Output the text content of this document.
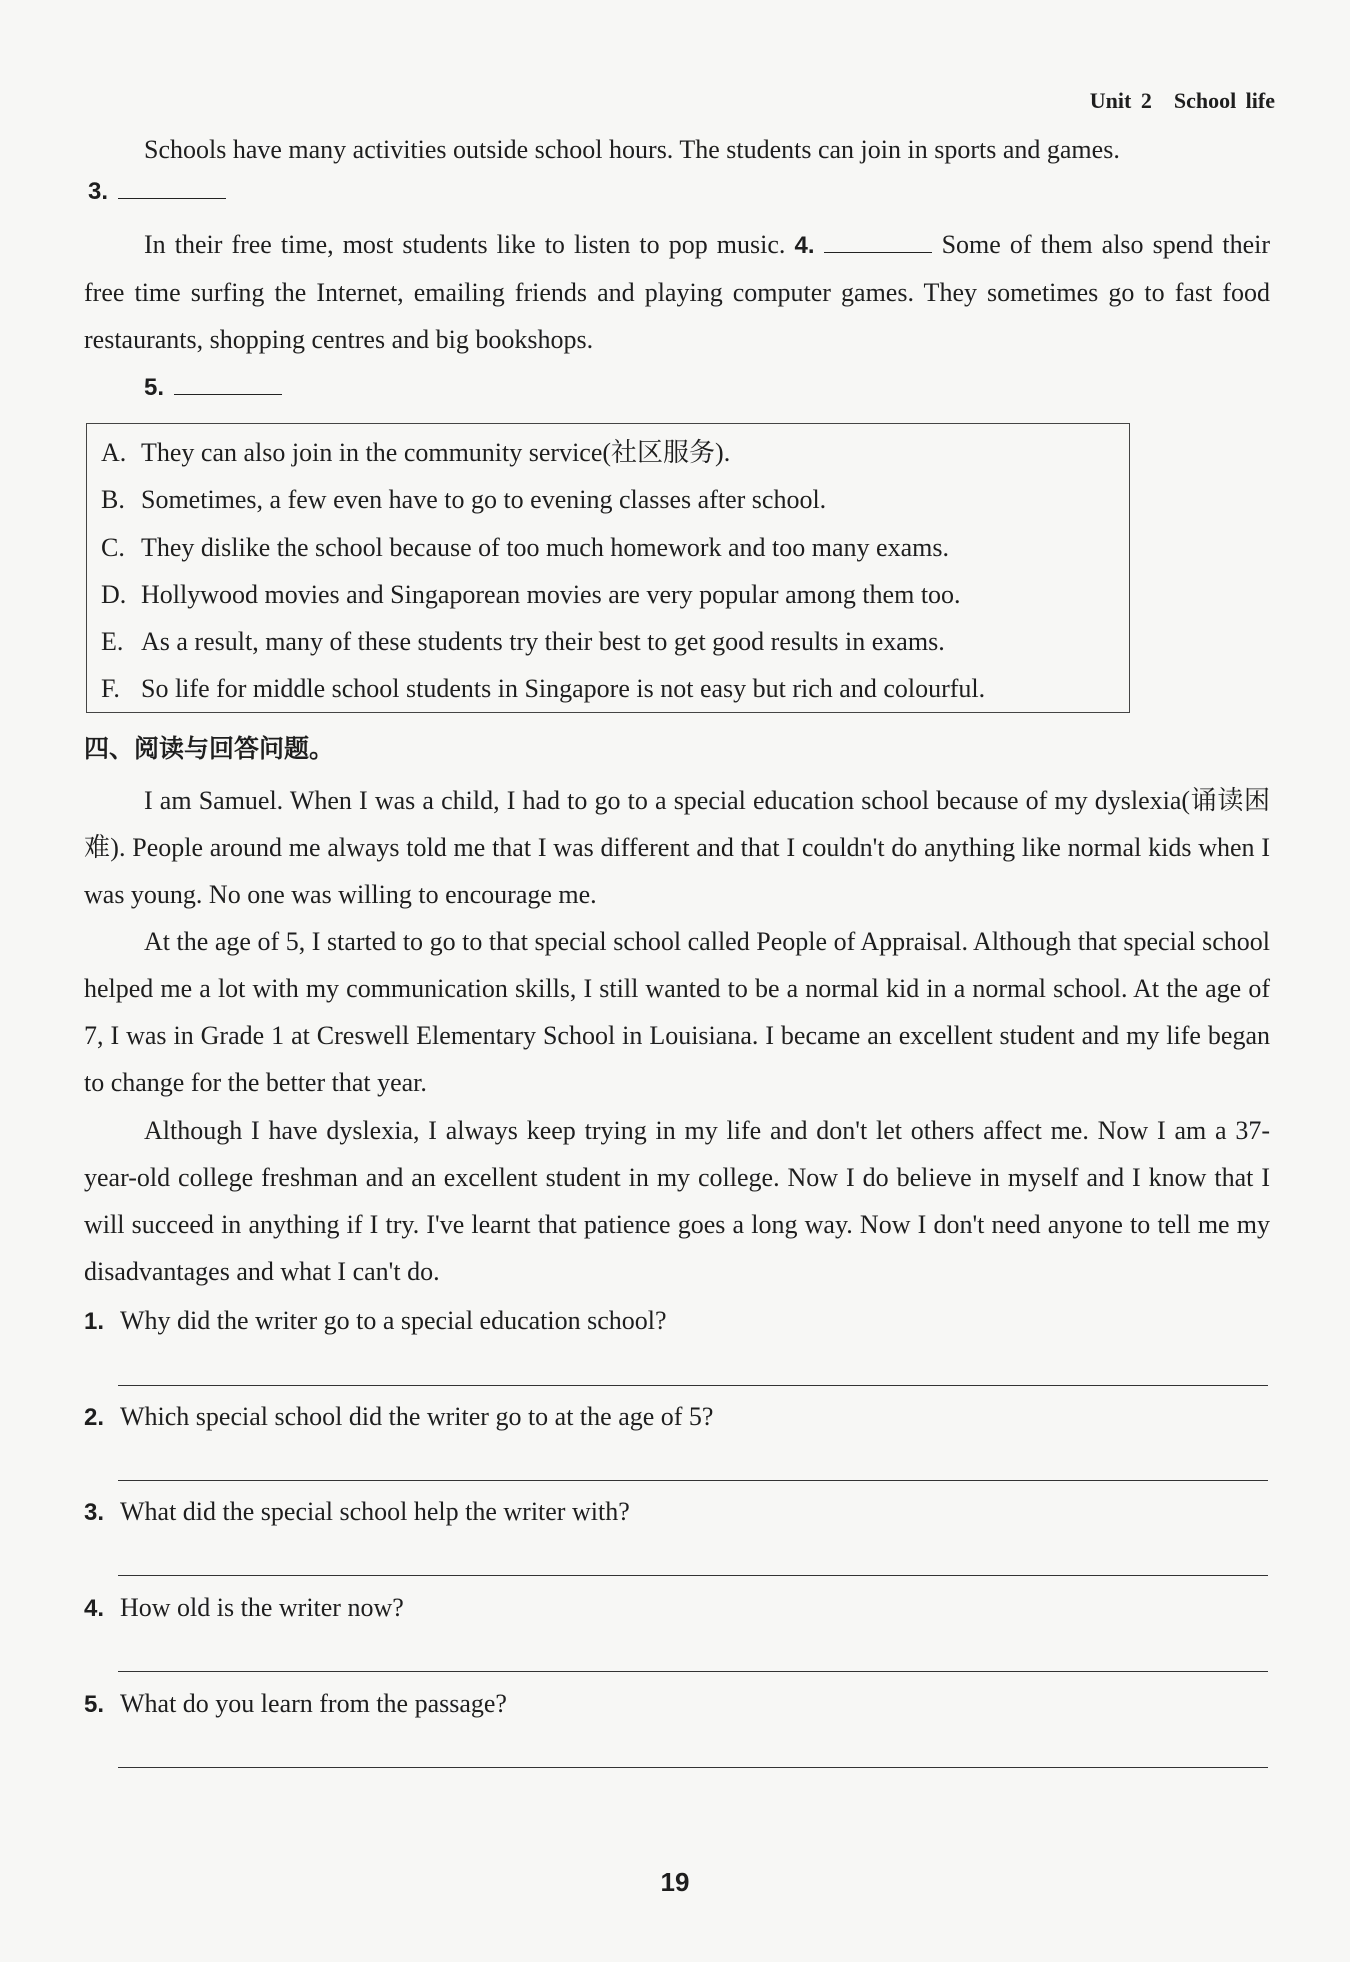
Unit 2 School life
Schools have many activities outside school hours. The students can join in sports and games.
3.
In their free time, most students like to listen to pop music. 4.	Some of them also spend their free time surfing the Internet, emailing friends and playing computer games. They sometimes go to fast food restaurants, shopping centres and big bookshops.
5.
A. They can also join in the community service(社区服务).
B. Sometimes, a few even have to go to evening classes after school.
C. They dislike the school because of too much homework and too many exams.
D. Hollywood movies and Singaporean movies are very popular among them too.
E. As a result, many of these students try their best to get good results in exams.
F. So life for middle school students in Singapore is not easy but rich and colourful.
四、阅读与回答问题。
I am Samuel. When I was a child, I had to go to a special education school because of my dyslexia(诵读困难). People around me always told me that I was different and that I couldn't do anything like normal kids when I was young. No one was willing to encourage me.
At the age of 5, I started to go to that special school called People of Appraisal. Although that special school helped me a lot with my communication skills, I still wanted to be a normal kid in a normal school. At the age of 7, I was in Grade 1 at Creswell Elementary School in Louisiana. I became an excellent student and my life began to change for the better that year.
Although I have dyslexia, I always keep trying in my life and don't let others affect me. Now I am a 37-year-old college freshman and an excellent student in my college. Now I do believe in myself and I know that I will succeed in anything if I try. I've learnt that patience goes a long way. Now I don't need anyone to tell me my disadvantages and what I can't do.
1. Why did the writer go to a special education school?
2. Which special school did the writer go to at the age of 5?
3. What did the special school help the writer with?
4. How old is the writer now?
5. What do you learn from the passage?
19
